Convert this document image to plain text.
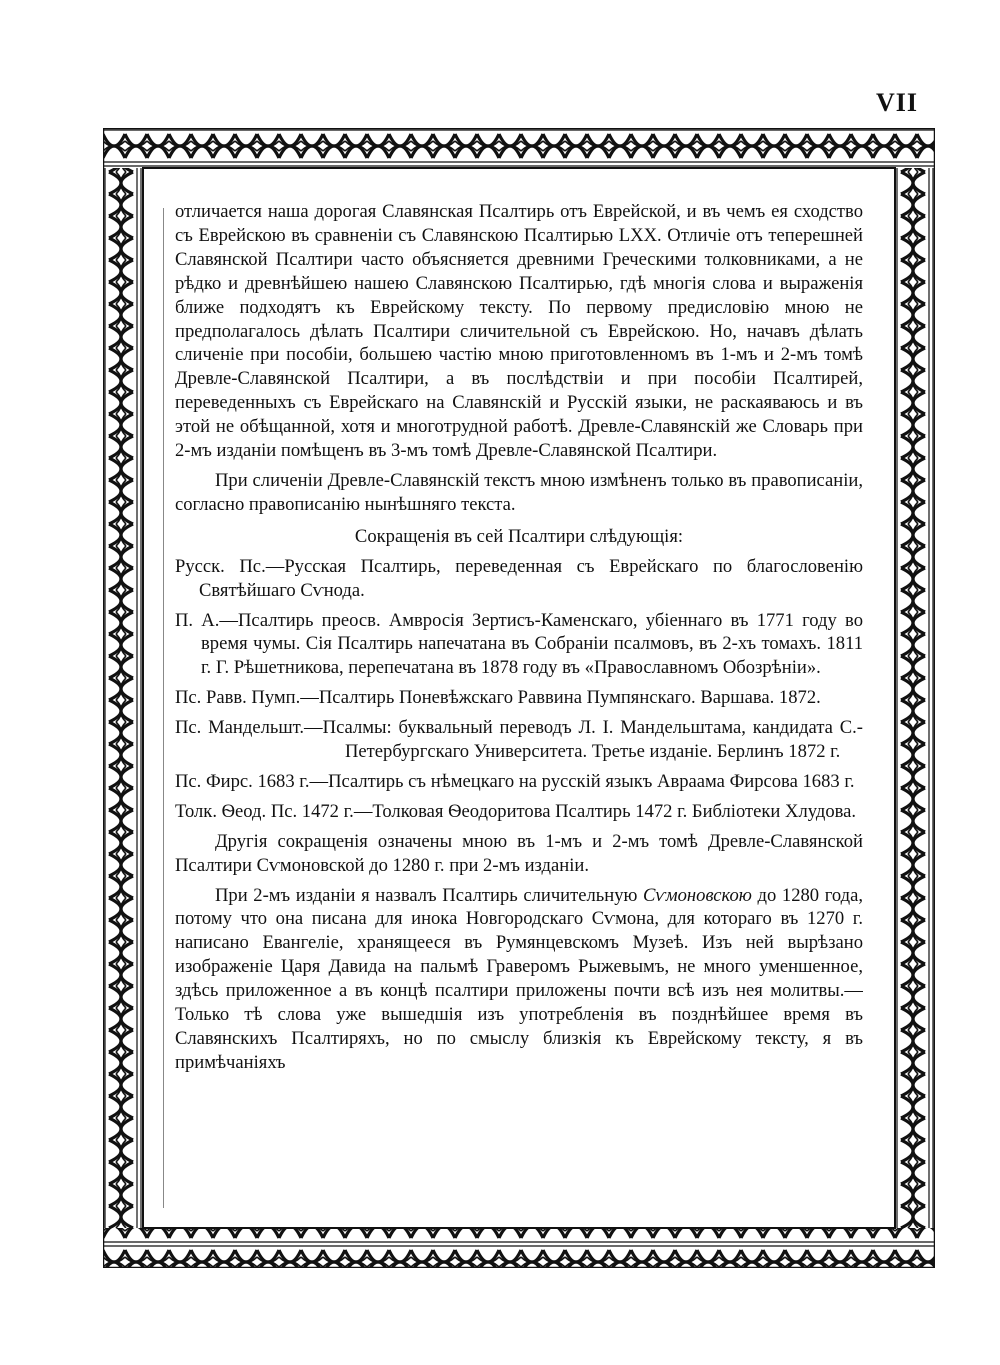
VII

отличается наша дорогая Славянская Псалтирь отъ Еврейской, и въ чемъ ея сходство съ Еврейскою въ сравненіи съ Славянскою Псалтирью LXX. Отличіе отъ теперешней Славянской Псалтири часто объясняется древними Греческими толковниками, а не рѣдко и древнѣйшею нашею Славянскою Псалтирью, гдѣ многія слова и выраженія ближе подходятъ къ Еврейскому тексту. По первому предисловію мною не предполагалось дѣлать Псалтири сличительной съ Еврейскою. Но, начавъ дѣлать сличеніе при пособіи, большею частію мною приготовленномъ въ 1-мъ и 2-мъ томѣ Древле-Славянской Псалтири, а въ послѣдствіи и при пособіи Псалтирей, переведенныхъ съ Еврейскаго на Славянскій и Русскій языки, не раскаяваюсь и въ этой не обѣщанной, хотя и многотрудной работѣ. Древле-Славянскій же Словарь при 2-мъ изданіи помѣщенъ въ 3-мъ томѣ Древле-Славянской Псалтири.

При сличеніи Древле-Славянскій текстъ мною измѣненъ только въ правописаніи, согласно правописанію нынѣшняго текста.

Сокращенія въ сей Псалтири слѣдующія:

Русск. Пс.—Русская Псалтирь, переведенная съ Еврейскаго по благословенію Святѣйшаго Сѵнода.

П. А.—Псалтирь преосв. Амвросія Зертисъ-Каменскаго, убіеннаго въ 1771 году во время чумы. Сія Псалтирь напечатана въ Собраніи псалмовъ, въ 2-хъ томахъ. 1811 г. Г. Рѣшетникова, перепечатана въ 1878 году въ «Православномъ Обозрѣніи».

Пс. Равв. Пумп.—Псалтирь Поневѣжскаго Раввина Пумпянскаго. Варшава. 1872.

Пс. Мандельшт.—Псалмы: буквальный переводъ Л. I. Мандельштама, кандидата С.-Петербургскаго Университета. Третье изданіе. Берлинъ 1872 г.

Пс. Фирс. 1683 г.—Псалтирь съ нѣмецкаго на русскій языкъ Авраама Фирсова 1683 г.

Толк. Ѳеод. Пс. 1472 г.—Толковая Ѳеодоритова Псалтирь 1472 г. Библіотеки Хлудова.

Другія сокращенія означены мною въ 1-мъ и 2-мъ томѣ Древле-Славянской Псалтири Сѵмоновской до 1280 г. при 2-мъ изданіи.

При 2-мъ изданіи я назвалъ Псалтирь сличительную Сѵмоновскою до 1280 года, потому что она писана для инока Новгородскаго Сѵмона, для котораго въ 1270 г. написано Евангеліе, хранящееся въ Румянцевскомъ Музеѣ. Изъ ней вырѣзано изображеніе Царя Давида на пальмѣ Граверомъ Рыжевымъ, не много уменшенное, здѣсь приложенное а въ концѣ псалтири приложены почти всѣ изъ нея молитвы.—Только тѣ слова уже вышедшія изъ употребленія въ позднѣйшее время въ Славянскихъ Псалтиряхъ, но по смыслу близкія къ Еврейскому тексту, я въ примѣчаніяхъ
